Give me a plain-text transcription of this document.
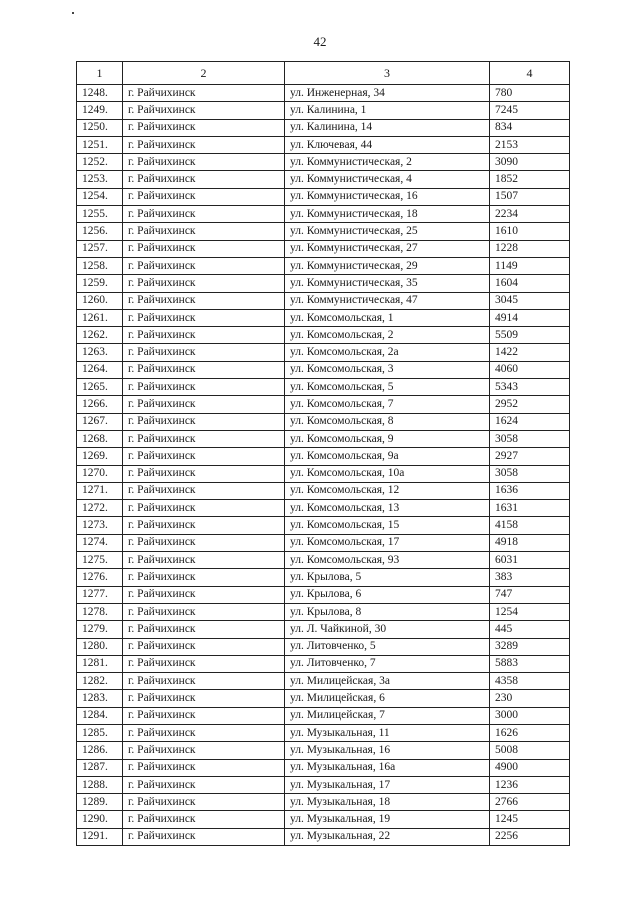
42
1	2	3	4
1248.	г. Райчихинск	ул. Инженерная, 34	780
1249.	г. Райчихинск	ул. Калинина, 1	7245
1250.	г. Райчихинск	ул. Калинина, 14	834
1251.	г. Райчихинск	ул. Ключевая, 44	2153
1252.	г. Райчихинск	ул. Коммунистическая, 2	3090
1253.	г. Райчихинск	ул. Коммунистическая, 4	1852
1254.	г. Райчихинск	ул. Коммунистическая, 16	1507
1255.	г. Райчихинск	ул. Коммунистическая, 18	2234
1256.	г. Райчихинск	ул. Коммунистическая, 25	1610
1257.	г. Райчихинск	ул. Коммунистическая, 27	1228
1258.	г. Райчихинск	ул. Коммунистическая, 29	1149
1259.	г. Райчихинск	ул. Коммунистическая, 35	1604
1260.	г. Райчихинск	ул. Коммунистическая, 47	3045
1261.	г. Райчихинск	ул. Комсомольская, 1	4914
1262.	г. Райчихинск	ул. Комсомольская, 2	5509
1263.	г. Райчихинск	ул. Комсомольская, 2а	1422
1264.	г. Райчихинск	ул. Комсомольская, 3	4060
1265.	г. Райчихинск	ул. Комсомольская, 5	5343
1266.	г. Райчихинск	ул. Комсомольская, 7	2952
1267.	г. Райчихинск	ул. Комсомольская, 8	1624
1268.	г. Райчихинск	ул. Комсомольская, 9	3058
1269.	г. Райчихинск	ул. Комсомольская, 9а	2927
1270.	г. Райчихинск	ул. Комсомольская, 10а	3058
1271.	г. Райчихинск	ул. Комсомольская, 12	1636
1272.	г. Райчихинск	ул. Комсомольская, 13	1631
1273.	г. Райчихинск	ул. Комсомольская, 15	4158
1274.	г. Райчихинск	ул. Комсомольская, 17	4918
1275.	г. Райчихинск	ул. Комсомольская, 93	6031
1276.	г. Райчихинск	ул. Крылова, 5	383
1277.	г. Райчихинск	ул. Крылова, 6	747
1278.	г. Райчихинск	ул. Крылова, 8	1254
1279.	г. Райчихинск	ул. Л. Чайкиной, 30	445
1280.	г. Райчихинск	ул. Литовченко, 5	3289
1281.	г. Райчихинск	ул. Литовченко, 7	5883
1282.	г. Райчихинск	ул. Милицейская, 3а	4358
1283.	г. Райчихинск	ул. Милицейская, 6	230
1284.	г. Райчихинск	ул. Милицейская, 7	3000
1285.	г. Райчихинск	ул. Музыкальная, 11	1626
1286.	г. Райчихинск	ул. Музыкальная, 16	5008
1287.	г. Райчихинск	ул. Музыкальная, 16а	4900
1288.	г. Райчихинск	ул. Музыкальная, 17	1236
1289.	г. Райчихинск	ул. Музыкальная, 18	2766
1290.	г. Райчихинск	ул. Музыкальная, 19	1245
1291.	г. Райчихинск	ул. Музыкальная, 22	2256
